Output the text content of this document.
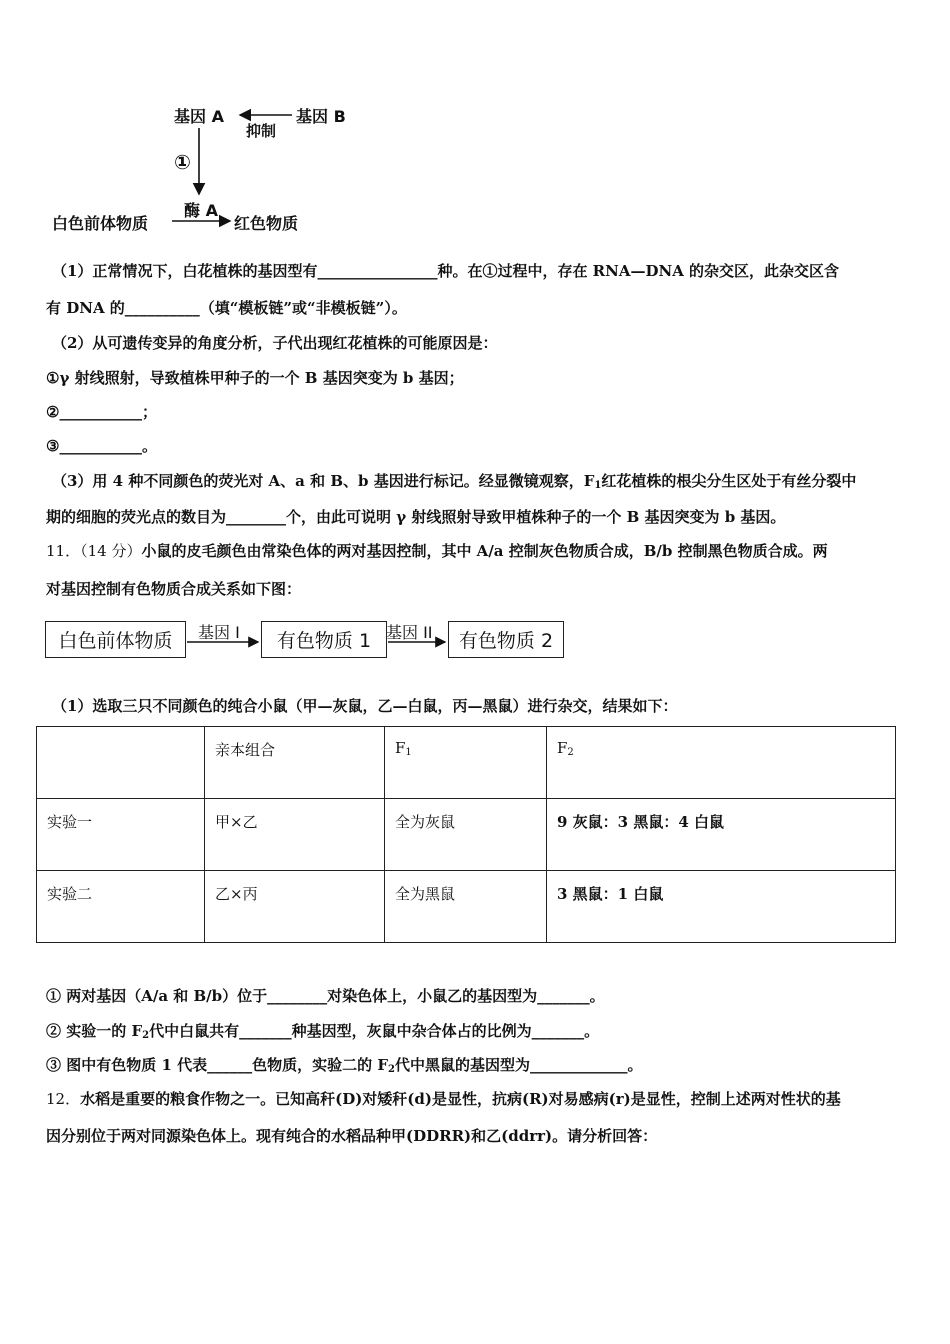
基因 A	基因 B
抑制
①
酶 A
白色前体物质	红色物质
（1）正常情况下，白花植株的基因型有________________种。在①过程中，存在 RNA—DNA 的杂交区，此杂交区含
有 DNA 的__________（填“模板链”或“非模板链”）。
（2）从可遗传变异的角度分析，子代出现红花植株的可能原因是：
①γ 射线照射，导致植株甲种子的一个 B 基因突变为 b 基因；
②___________；
③___________。
（3）用 4 种不同颜色的荧光对 A、a 和 B、b 基因进行标记。经显微镜观察，$F_1$红花植株的根尖分生区处于有丝分裂中
期的细胞的荧光点的数目为________个，由此可说明 γ 射线照射导致甲植株种子的一个 B 基因突变为 b 基因。
11．（14 分）小鼠的皮毛颜色由常染色体的两对基因控制，其中 A/a 控制灰色物质合成，B/b 控制黑色物质合成。两
对基因控制有色物质合成关系如下图：
白色前体物质	基因 I	有色物质 1 基因 II	有色物质 2
（1）选取三只不同颜色的纯合小鼠（甲—灰鼠，乙—白鼠，丙—黑鼠）进行杂交，结果如下：
	亲本组合	$F_1$	$F_2$
实验一	甲×乙	全为灰鼠	9 灰鼠：3 黑鼠：4 白鼠
实验二	乙×丙	全为黑鼠	3 黑鼠：1 白鼠
① 两对基因（A/a 和 B/b）位于________对染色体上，小鼠乙的基因型为_______。
② 实验一的 $F_2$代中白鼠共有_______种基因型，灰鼠中杂合体占的比例为_______。
③ 图中有色物质 1 代表______色物质，实验二的 $F_2$代中黑鼠的基因型为_____________。
12．水稻是重要的粮食作物之一。已知高秆(D)对矮秆(d)是显性，抗病(R)对易感病(r)是显性，控制上述两对性状的基
因分别位于两对同源染色体上。现有纯合的水稻品种甲(DDRR)和乙(ddrr)。请分析回答：
